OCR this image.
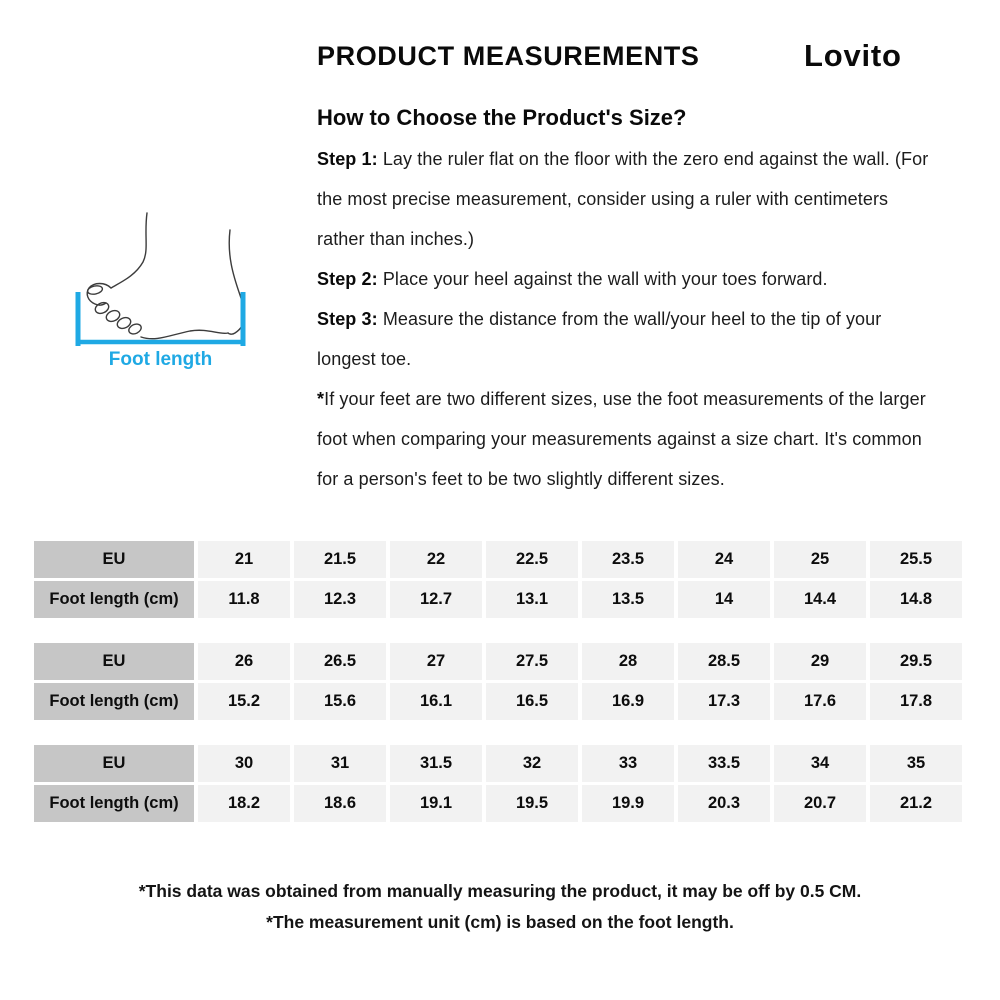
PRODUCT MEASUREMENTS	Lovito
How to Choose the Product's Size?

Step 1: Lay the ruler flat on the floor with the zero end against the wall. (For the most precise measurement, consider using a ruler with centimeters rather than inches.)

Step 2: Place your heel against the wall with your toes forward.

Step 3: Measure the distance from the wall/your heel to the tip of your longest toe.

*If your feet are two different sizes, use the foot measurements of the larger foot when comparing your measurements against a size chart. It's common for a person's feet to be two slightly different sizes.

Foot length
EU	21	21.5	22	22.5	23.5	24	25	25.5
Foot length (cm)	11.8	12.3	12.7	13.1	13.5	14	14.4	14.8
EU	26	26.5	27	27.5	28	28.5	29	29.5
Foot length (cm)	15.2	15.6	16.1	16.5	16.9	17.3	17.6	17.8
EU	30	31	31.5	32	33	33.5	34	35
Foot length (cm)	18.2	18.6	19.1	19.5	19.9	20.3	20.7	21.2

*This data was obtained from manually measuring the product, it may be off by 0.5 CM.

*The measurement unit (cm) is based on the foot length.
